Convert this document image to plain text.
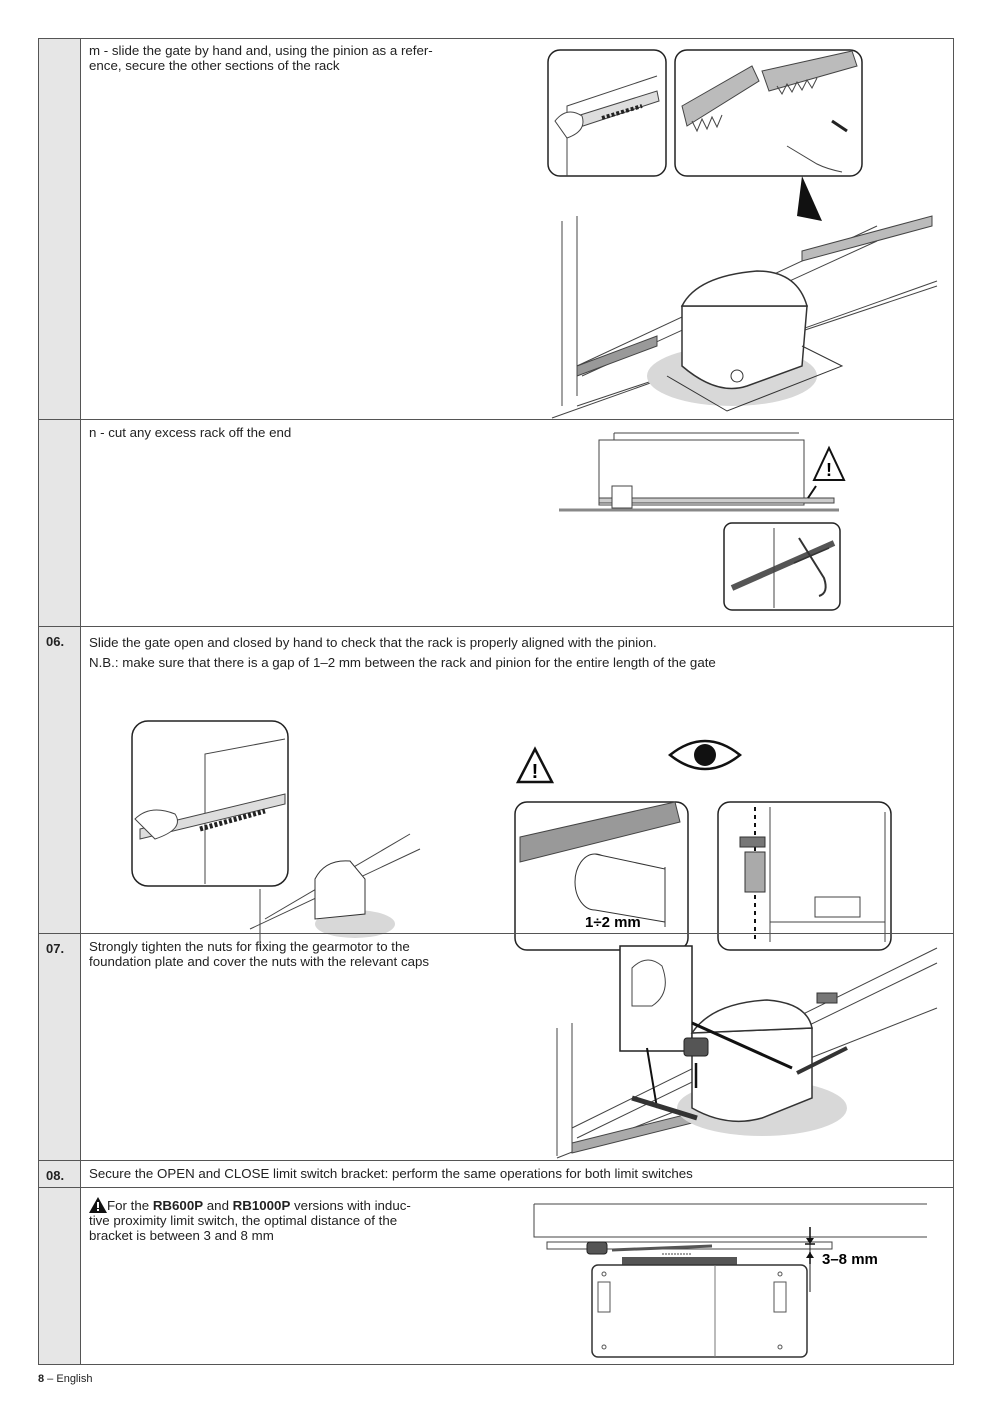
m - slide the gate by hand and, using the pinion as a refer-
ence, secure the other sections of the rack
n - cut any excess rack off the end
!
06. Slide the gate open and closed by hand to check that the rack is properly aligned with the pinion.
N.B.: make sure that there is a gap of 1–2 mm between the rack and pinion for the entire length of the gate
!
1÷2 mm
07. Strongly tighten the nuts for fixing the gearmotor to the
foundation plate and cover the nuts with the relevant caps
08. Secure the OPEN and CLOSE limit switch bracket: perform the same operations for both limit switches
For the RB600P and RB1000P versions with induc-
tive proximity limit switch, the optimal distance of the
bracket is between 3 and 8 mm
3–8 mm
8 – English
